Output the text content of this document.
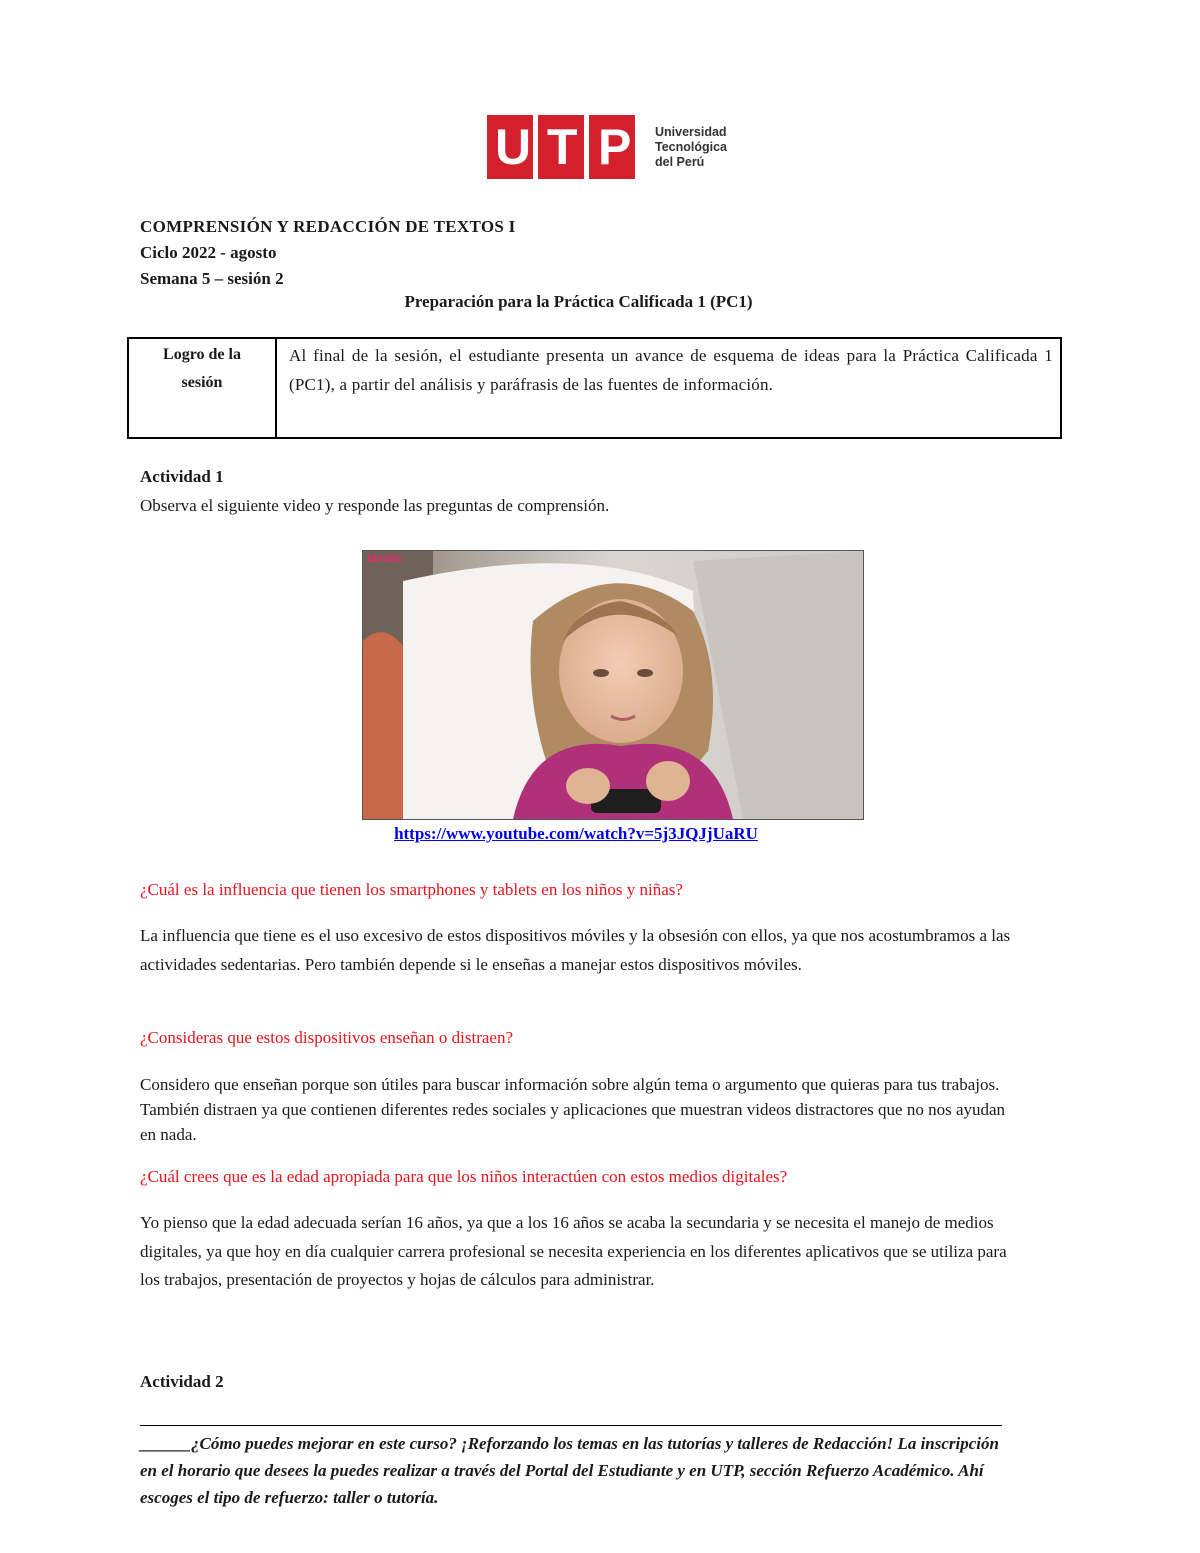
U T P Universidad
Tecnológica
del Perú
COMPRENSIÓN Y REDACCIÓN DE TEXTOS I
Ciclo 2022 - agosto
Semana 5 – sesión 2
Preparación para la Práctica Calificada 1 (PC1)
Logro de la
sesión
Al final de la sesión, el estudiante presenta un avance de esquema de ideas para la Práctica Calificada 1 (PC1), a partir del análisis y paráfrasis de las fuentes de información.
Actividad 1
Observa el siguiente video y responde las preguntas de comprensión.
familia
https://www.youtube.com/watch?v=5j3JQJjUaRU
¿Cuál es la influencia que tienen los smartphones y tablets en los niños y niñas?
La influencia que tiene es el uso excesivo de estos dispositivos móviles y la obsesión con ellos, ya que nos acostumbramos a las actividades sedentarias. Pero también depende si le enseñas a manejar estos dispositivos móviles.
¿Consideras que estos dispositivos enseñan o distraen?
Considero que enseñan porque son útiles para buscar información sobre algún tema o argumento que quieras para tus trabajos. También distraen ya que contienen diferentes redes sociales y aplicaciones que muestran videos distractores que no nos ayudan en nada.
¿Cuál crees que es la edad apropiada para que los niños interactúen con estos medios digitales?
Yo pienso que la edad adecuada serían 16 años, ya que a los 16 años se acaba la secundaria y se necesita el manejo de medios digitales, ya que hoy en día cualquier carrera profesional se necesita experiencia en los diferentes aplicativos que se utiliza para los trabajos, presentación de proyectos y hojas de cálculos para administrar.
Actividad 2
______¿Cómo puedes mejorar en este curso? ¡Reforzando los temas en las tutorías y talleres de Redacción! La inscripción en el horario que desees la puedes realizar a través del Portal del Estudiante y en UTP, sección Refuerzo Académico. Ahí escoges el tipo de refuerzo: taller o tutoría.
